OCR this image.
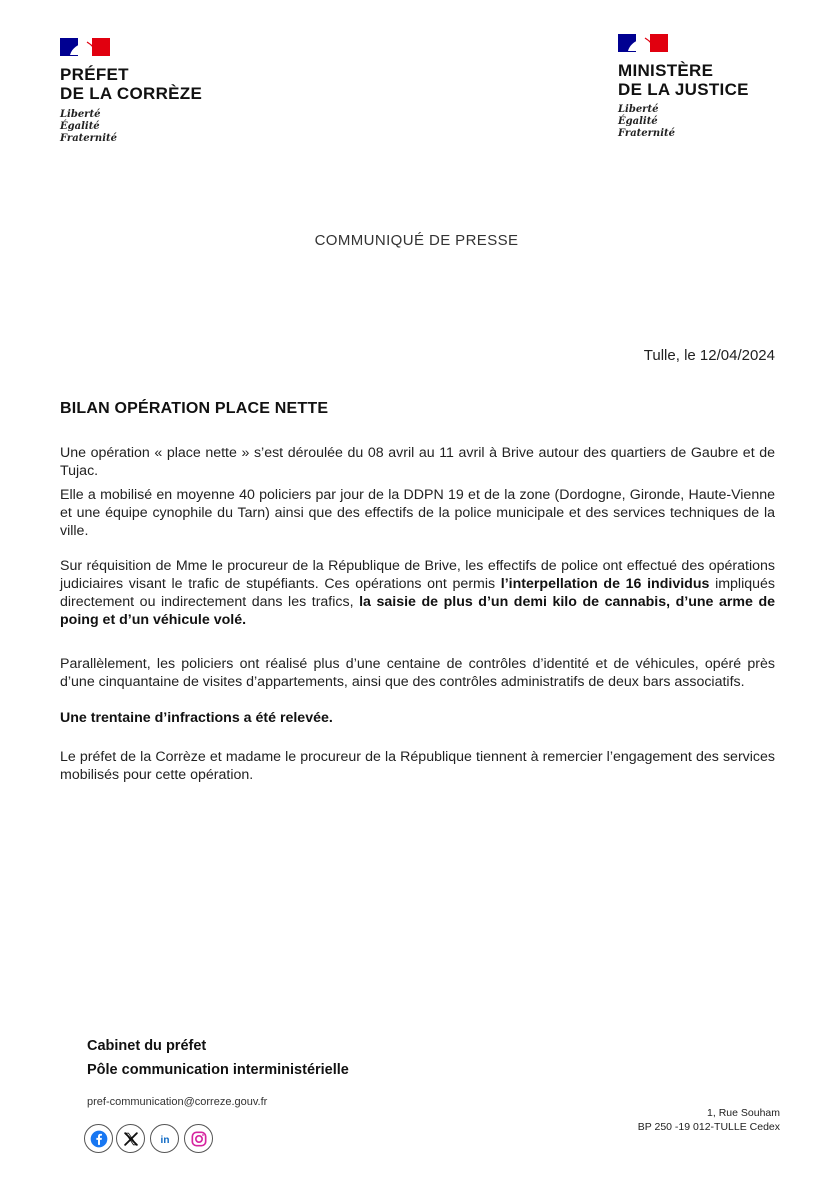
PRÉFET
DE LA CORRÈZE
Liberté
Égalité
Fraternité
MINISTÈRE
DE LA JUSTICE
Liberté
Égalité
Fraternité
COMMUNIQUÉ DE PRESSE
Tulle, le 12/04/2024
BILAN OPÉRATION PLACE NETTE
Une opération « place nette » s’est déroulée du 08 avril au 11 avril à Brive autour des quartiers de Gaubre et de Tujac.
Elle a mobilisé en moyenne 40 policiers par jour de la DDPN 19 et de la zone (Dordogne, Gironde, Haute-Vienne et une équipe cynophile du Tarn) ainsi que des effectifs de la police municipale et des services techniques de la ville.
Sur réquisition de Mme le procureur de la République de Brive, les effectifs de police ont effectué des opérations judiciaires visant le trafic de stupéfiants. Ces opérations ont permis l’interpellation de 16 individus impliqués directement ou indirectement dans les trafics, la saisie de plus d’un demi kilo de cannabis, d’une arme de poing et d’un véhicule volé.
Parallèlement, les policiers ont réalisé plus d’une centaine de contrôles d’identité et de véhicules, opéré près d’une cinquantaine de visites d’appartements, ainsi que des contrôles administratifs de deux bars associatifs.
Une trentaine d’infractions a été relevée.
Le préfet de la Corrèze et madame le procureur de la République tiennent à remercier l’engagement des services mobilisés pour cette opération.
Cabinet du préfet
Pôle communication interministérielle
pref-communication@correze.gouv.fr
1, Rue Souham
BP 250 -19 012-TULLE Cedex
in
